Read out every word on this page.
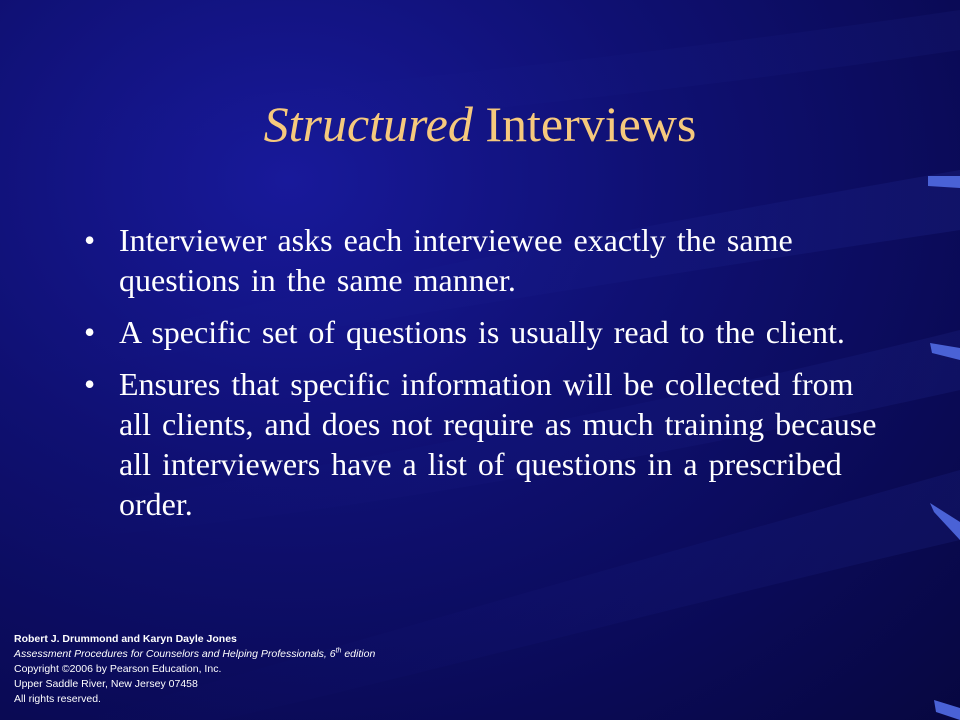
Structured Interviews
• Interviewer asks each interviewee exactly the same questions in the same manner.
• A specific set of questions is usually read to the client.
• Ensures that specific information will be collected from all clients, and does not require as much training because all interviewers have a list of questions in a prescribed order.
Robert J. Drummond and Karyn Dayle Jones
Assessment Procedures for Counselors and Helping Professionals, 6th edition
Copyright ©2006 by Pearson Education, Inc.
Upper Saddle River, New Jersey 07458
All rights reserved.
